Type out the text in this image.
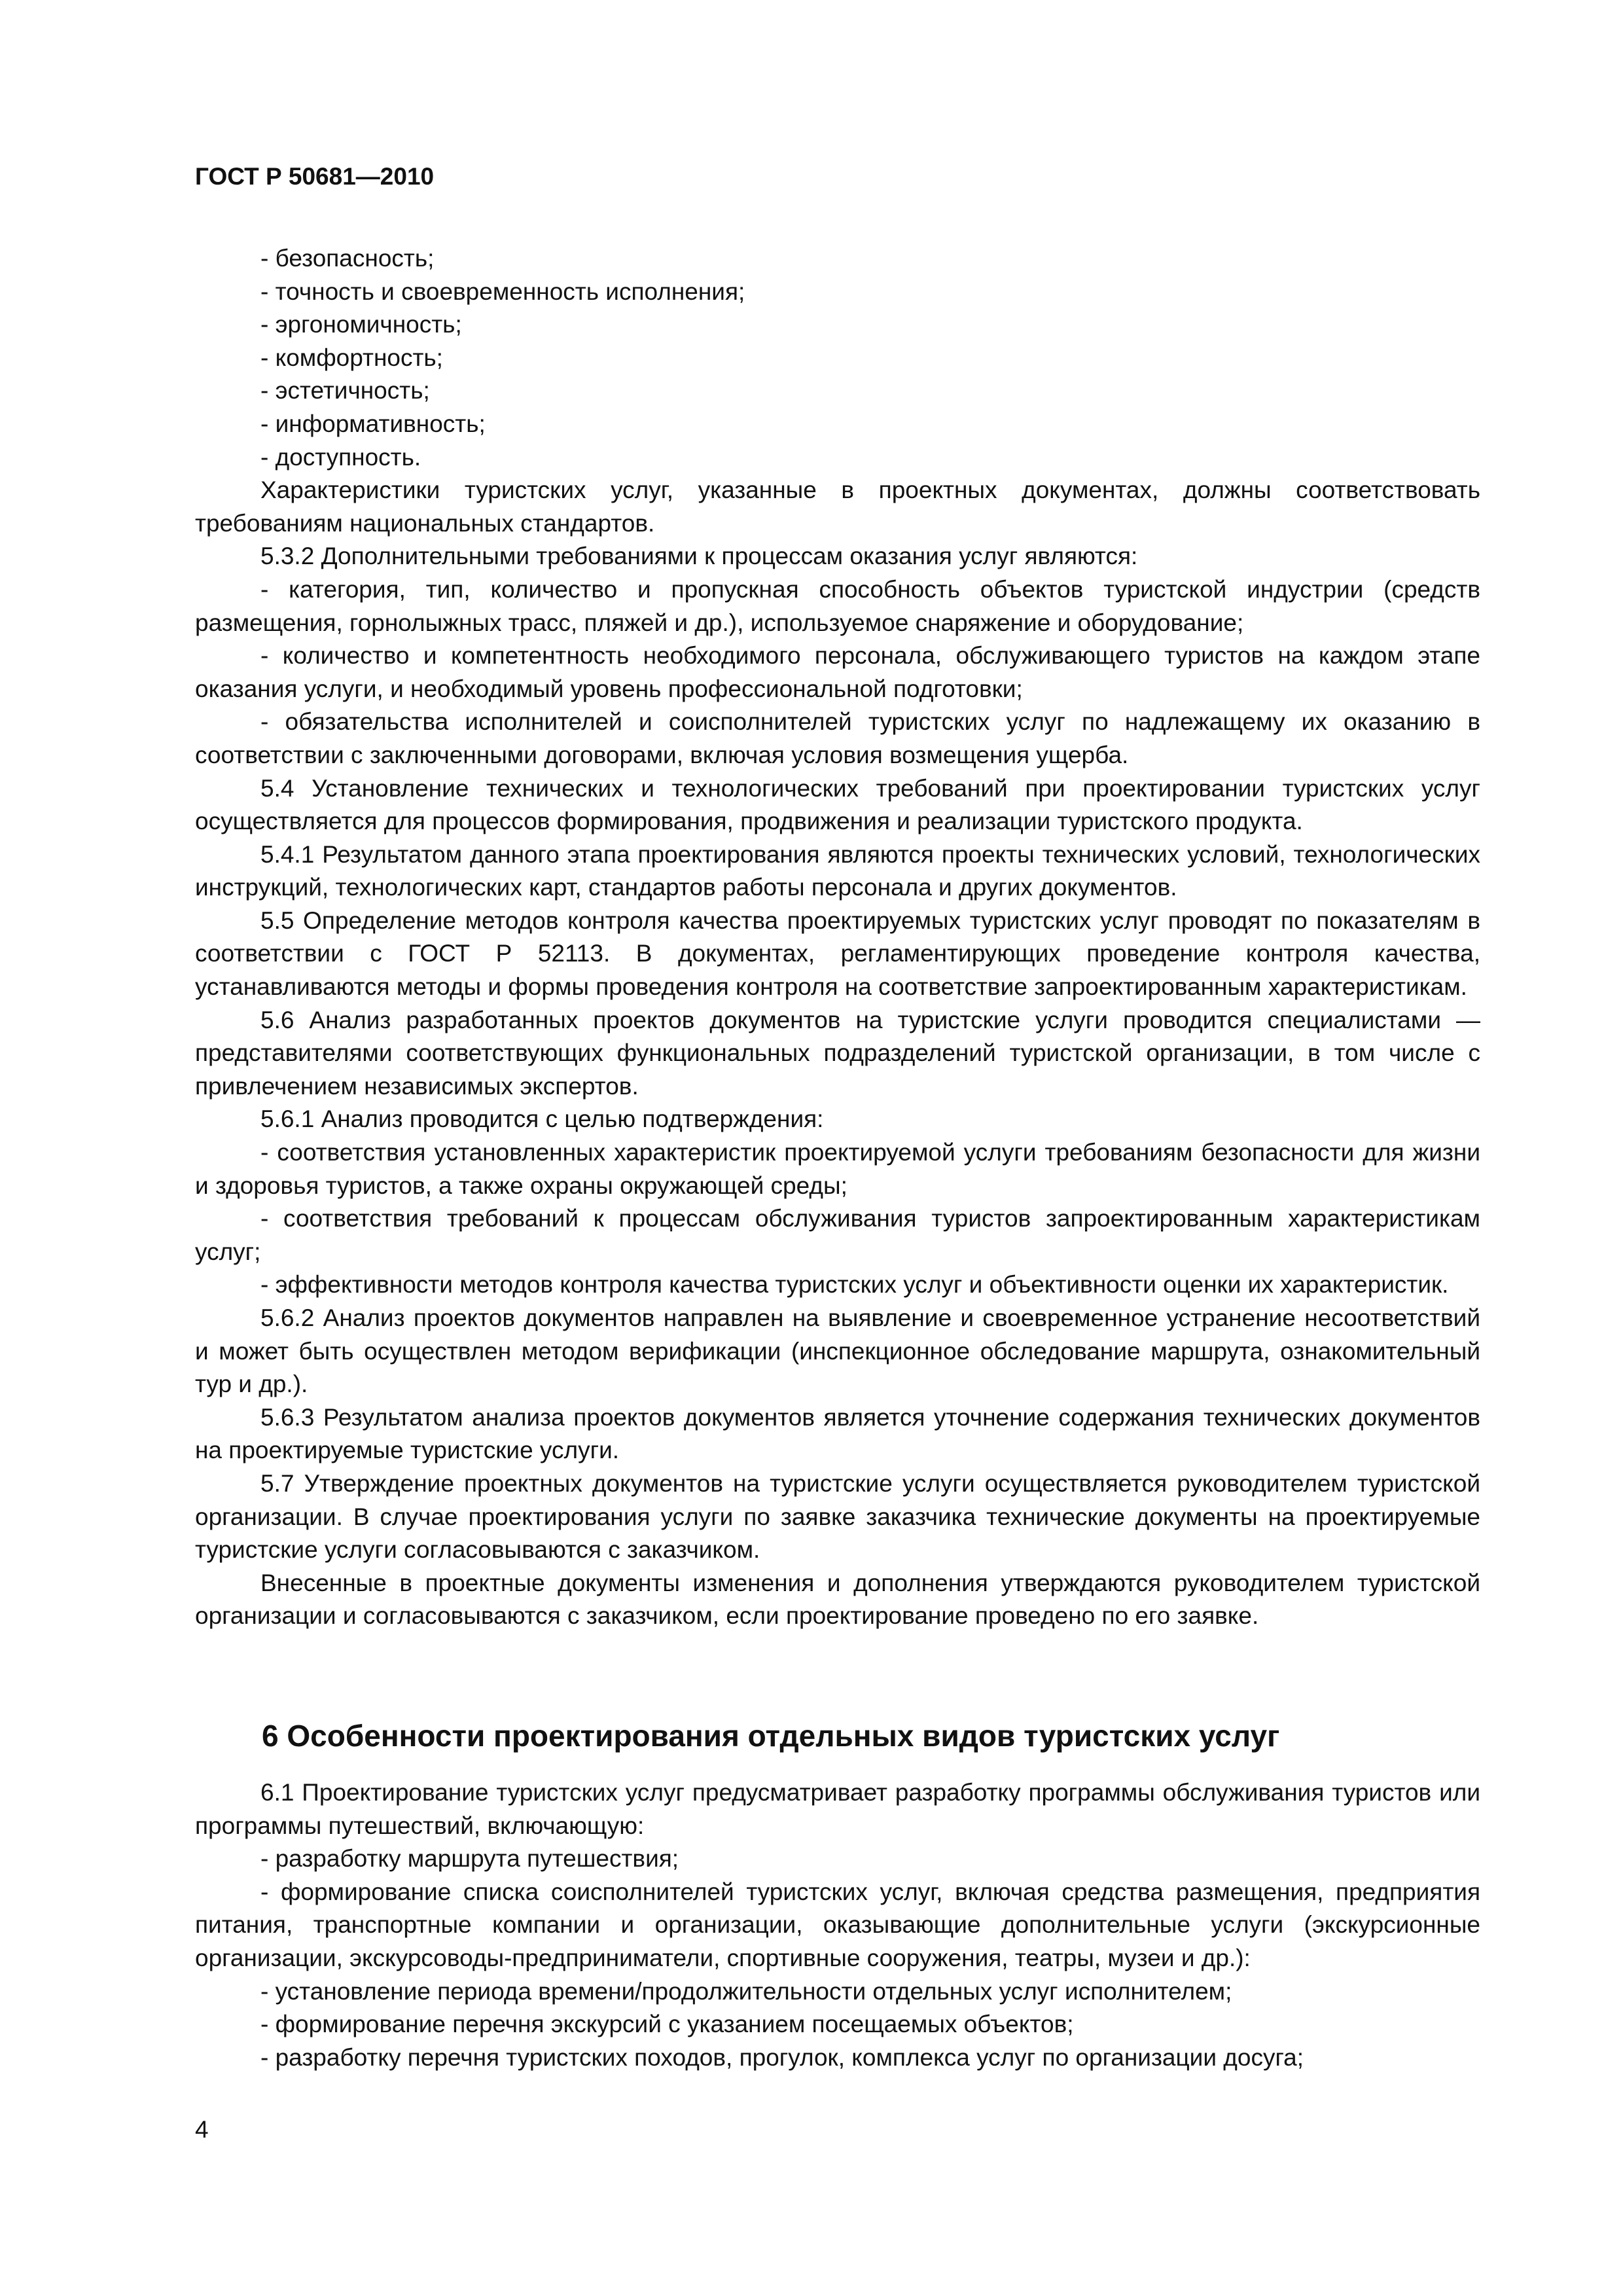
ГОСТ Р 50681—2010

- безопасность;

- точность и своевременность исполнения;

- эргономичность;

- комфортность;

- эстетичность;

- информативность;

- доступность.

Характеристики туристских услуг, указанные в проектных документах, должны соответствовать требованиям национальных стандартов.

5.3.2 Дополнительными требованиями к процессам оказания услуг являются:

- категория, тип, количество и пропускная способность объектов туристской индустрии (средств размещения, горнолыжных трасс, пляжей и др.), используемое снаряжение и оборудование;

- количество и компетентность необходимого персонала, обслуживающего туристов на каждом этапе оказания услуги, и необходимый уровень профессиональной подготовки;

- обязательства исполнителей и соисполнителей туристских услуг по надлежащему их оказанию в соответствии с заключенными договорами, включая условия возмещения ущерба.

5.4 Установление технических и технологических требований при проектировании туристских услуг осуществляется для процессов формирования, продвижения и реализации туристского продукта.

5.4.1 Результатом данного этапа проектирования являются проекты технических условий, технологических инструкций, технологических карт, стандартов работы персонала и других документов.

5.5 Определение методов контроля качества проектируемых туристских услуг проводят по показателям в соответствии с ГОСТ Р 52113. В документах, регламентирующих проведение контроля качества, устанавливаются методы и формы проведения контроля на соответствие запроектированным характеристикам.

5.6 Анализ разработанных проектов документов на туристские услуги проводится специалистами — представителями соответствующих функциональных подразделений туристской организации, в том числе с привлечением независимых экспертов.

5.6.1 Анализ проводится с целью подтверждения:

- соответствия установленных характеристик проектируемой услуги требованиям безопасности для жизни и здоровья туристов, а также охраны окружающей среды;

- соответствия требований к процессам обслуживания туристов запроектированным характеристикам услуг;

- эффективности методов контроля качества туристских услуг и объективности оценки их характеристик.

5.6.2 Анализ проектов документов направлен на выявление и своевременное устранение несоответствий и может быть осуществлен методом верификации (инспекционное обследование маршрута, ознакомительный тур и др.).

5.6.3 Результатом анализа проектов документов является уточнение содержания технических документов на проектируемые туристские услуги.

5.7 Утверждение проектных документов на туристские услуги осуществляется руководителем туристской организации. В случае проектирования услуги по заявке заказчика технические документы на проектируемые туристские услуги согласовываются с заказчиком.

Внесенные в проектные документы изменения и дополнения утверждаются руководителем туристской организации и согласовываются с заказчиком, если проектирование проведено по его заявке.

6 Особенности проектирования отдельных видов туристских услуг

6.1 Проектирование туристских услуг предусматривает разработку программы обслуживания туристов или программы путешествий, включающую:

- разработку маршрута путешествия;

- формирование списка соисполнителей туристских услуг, включая средства размещения, предприятия питания, транспортные компании и организации, оказывающие дополнительные услуги (экскурсионные организации, экскурсоводы-предприниматели, спортивные сооружения, театры, музеи и др.):

- установление периода времени/продолжительности отдельных услуг исполнителем;

- формирование перечня экскурсий с указанием посещаемых объектов;

- разработку перечня туристских походов, прогулок, комплекса услуг по организации досуга;

4
